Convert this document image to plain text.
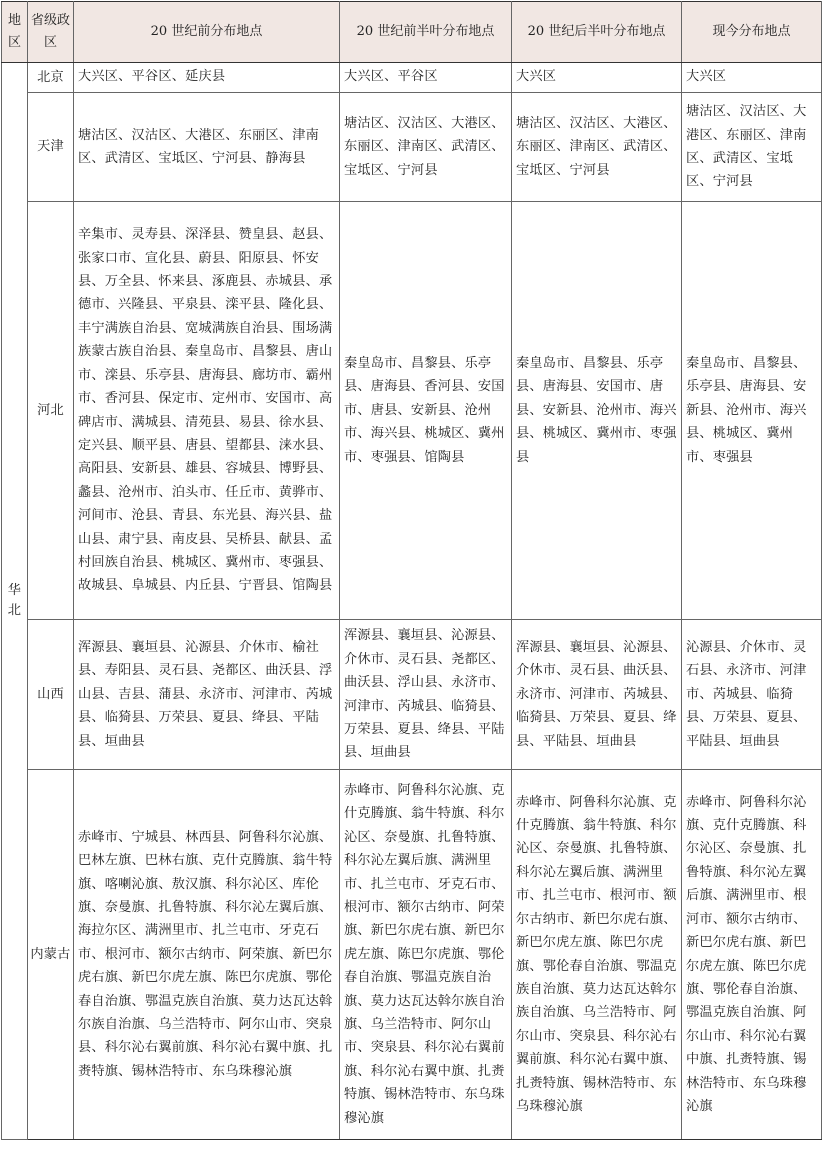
地区	省级政区	20 世纪前分布地点	20 世纪前半叶分布地点	20 世纪后半叶分布地点	现今分布地点
华北	北京	大兴区、平谷区、延庆县	大兴区、平谷区	大兴区	大兴区
	天津	塘沽区、汉沽区、大港区、东丽区、津南区、武清区、宝坻区、宁河县、静海县	塘沽区、汉沽区、大港区、东丽区、津南区、武清区、宝坻区、宁河县	塘沽区、汉沽区、大港区、东丽区、津南区、武清区、宝坻区、宁河县	塘沽区、汉沽区、大港区、东丽区、津南区、武清区、宝坻区、宁河县
	河北	辛集市、灵寿县、深泽县、赞皇县、赵县、张家口市、宣化县、蔚县、阳原县、怀安县、万全县、怀来县、涿鹿县、赤城县、承德市、兴隆县、平泉县、滦平县、隆化县、丰宁满族自治县、宽城满族自治县、围场满族蒙古族自治县、秦皇岛市、昌黎县、唐山市、滦县、乐亭县、唐海县、廊坊市、霸州市、香河县、保定市、定州市、安国市、高碑店市、满城县、清苑县、易县、徐水县、定兴县、顺平县、唐县、望都县、涞水县、高阳县、安新县、雄县、容城县、博野县、蠡县、沧州市、泊头市、任丘市、黄骅市、河间市、沧县、青县、东光县、海兴县、盐山县、肃宁县、南皮县、吴桥县、献县、孟村回族自治县、桃城区、冀州市、枣强县、故城县、阜城县、内丘县、宁晋县、馆陶县	秦皇岛市、昌黎县、乐亭县、唐海县、香河县、安国市、唐县、安新县、沧州市、海兴县、桃城区、冀州市、枣强县、馆陶县	秦皇岛市、昌黎县、乐亭县、唐海县、安国市、唐县、安新县、沧州市、海兴县、桃城区、冀州市、枣强县	秦皇岛市、昌黎县、乐亭县、唐海县、安新县、沧州市、海兴县、桃城区、冀州市、枣强县
	山西	浑源县、襄垣县、沁源县、介休市、榆社县、寿阳县、灵石县、尧都区、曲沃县、浮山县、吉县、蒲县、永济市、河津市、芮城县、临猗县、万荣县、夏县、绛县、平陆县、垣曲县	浑源县、襄垣县、沁源县、介休市、灵石县、尧都区、曲沃县、浮山县、永济市、河津市、芮城县、临猗县、万荣县、夏县、绛县、平陆县、垣曲县	浑源县、襄垣县、沁源县、介休市、灵石县、曲沃县、永济市、河津市、芮城县、临猗县、万荣县、夏县、绛县、平陆县、垣曲县	沁源县、介休市、灵石县、永济市、河津市、芮城县、临猗县、万荣县、夏县、平陆县、垣曲县
	内蒙古	赤峰市、宁城县、林西县、阿鲁科尔沁旗、巴林左旗、巴林右旗、克什克腾旗、翁牛特旗、喀喇沁旗、敖汉旗、科尔沁区、库伦旗、奈曼旗、扎鲁特旗、科尔沁左翼后旗、海拉尔区、满洲里市、扎兰屯市、牙克石市、根河市、额尔古纳市、阿荣旗、新巴尔虎右旗、新巴尔虎左旗、陈巴尔虎旗、鄂伦春自治旗、鄂温克族自治旗、莫力达瓦达斡尔族自治旗、乌兰浩特市、阿尔山市、突泉县、科尔沁右翼前旗、科尔沁右翼中旗、扎赉特旗、锡林浩特市、东乌珠穆沁旗	赤峰市、阿鲁科尔沁旗、克什克腾旗、翁牛特旗、科尔沁区、奈曼旗、扎鲁特旗、科尔沁左翼后旗、满洲里市、扎兰屯市、牙克石市、根河市、额尔古纳市、阿荣旗、新巴尔虎右旗、新巴尔虎左旗、陈巴尔虎旗、鄂伦春自治旗、鄂温克族自治旗、莫力达瓦达斡尔族自治旗、乌兰浩特市、阿尔山市、突泉县、科尔沁右翼前旗、科尔沁右翼中旗、扎赉特旗、锡林浩特市、东乌珠穆沁旗	赤峰市、阿鲁科尔沁旗、克什克腾旗、翁牛特旗、科尔沁区、奈曼旗、扎鲁特旗、科尔沁左翼后旗、满洲里市、扎兰屯市、根河市、额尔古纳市、新巴尔虎右旗、新巴尔虎左旗、陈巴尔虎旗、鄂伦春自治旗、鄂温克族自治旗、莫力达瓦达斡尔族自治旗、乌兰浩特市、阿尔山市、突泉县、科尔沁右翼前旗、科尔沁右翼中旗、扎赉特旗、锡林浩特市、东乌珠穆沁旗	赤峰市、阿鲁科尔沁旗、克什克腾旗、科尔沁区、奈曼旗、扎鲁特旗、科尔沁左翼后旗、满洲里市、根河市、额尔古纳市、新巴尔虎右旗、新巴尔虎左旗、陈巴尔虎旗、鄂伦春自治旗、鄂温克族自治旗、阿尔山市、科尔沁右翼中旗、扎赉特旗、锡林浩特市、东乌珠穆沁旗
